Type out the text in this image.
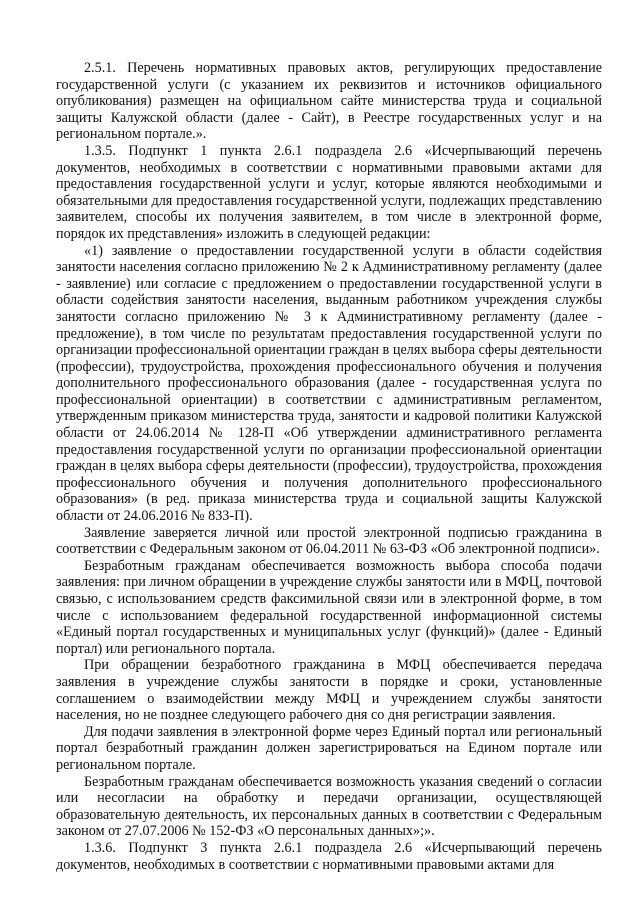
2.5.1. Перечень нормативных правовых актов, регулирующих предоставление государственной услуги (с указанием их реквизитов и источников официального опубликования) размещен на официальном сайте министерства труда и социальной защиты Калужской области (далее - Сайт), в Реестре государственных услуг и на региональном портале.».

1.3.5. Подпункт 1 пункта 2.6.1 подраздела 2.6 «Исчерпывающий перечень документов, необходимых в соответствии с нормативными правовыми актами для предоставления государственной услуги и услуг, которые являются необходимыми и обязательными для предоставления государственной услуги, подлежащих представлению заявителем, способы их получения заявителем, в том числе в электронной форме, порядок их представления» изложить в следующей редакции:

«1) заявление о предоставлении государственной услуги в области содействия занятости населения согласно приложению № 2 к Административному регламенту (далее - заявление) или согласие с предложением о предоставлении государственной услуги в области содействия занятости населения, выданным работником учреждения службы занятости согласно приложению № 3 к Административному регламенту (далее - предложение), в том числе по результатам предоставления государственной услуги по организации профессиональной ориентации граждан в целях выбора сферы деятельности (профессии), трудоустройства, прохождения профессионального обучения и получения дополнительного профессионального образования (далее - государственная услуга по профессиональной ориентации) в соответствии с административным регламентом, утвержденным приказом министерства труда, занятости и кадровой политики Калужской области от 24.06.2014 № 128-П «Об утверждении административного регламента предоставления государственной услуги по организации профессиональной ориентации граждан в целях выбора сферы деятельности (профессии), трудоустройства, прохождения профессионального обучения и получения дополнительного профессионального образования» (в ред. приказа министерства труда и социальной защиты Калужской области от 24.06.2016 № 833-П).

Заявление заверяется личной или простой электронной подписью гражданина в соответствии с Федеральным законом от 06.04.2011 № 63-ФЗ «Об электронной подписи».

Безработным гражданам обеспечивается возможность выбора способа подачи заявления: при личном обращении в учреждение службы занятости или в МФЦ, почтовой связью, с использованием средств факсимильной связи или в электронной форме, в том числе с использованием федеральной государственной информационной системы «Единый портал государственных и муниципальных услуг (функций)» (далее - Единый портал) или регионального портала.

При обращении безработного гражданина в МФЦ обеспечивается передача заявления в учреждение службы занятости в порядке и сроки, установленные соглашением о взаимодействии между МФЦ и учреждением службы занятости населения, но не позднее следующего рабочего дня со дня регистрации заявления.

Для подачи заявления в электронной форме через Единый портал или региональный портал безработный гражданин должен зарегистрироваться на Едином портале или региональном портале.

Безработным гражданам обеспечивается возможность указания сведений о согласии или несогласии на обработку и передачи организации, осуществляющей образовательную деятельность, их персональных данных в соответствии с Федеральным законом от 27.07.2006 № 152-ФЗ «О персональных данных»;».

1.3.6. Подпункт 3 пункта 2.6.1 подраздела 2.6 «Исчерпывающий перечень документов, необходимых в соответствии с нормативными правовыми актами для
